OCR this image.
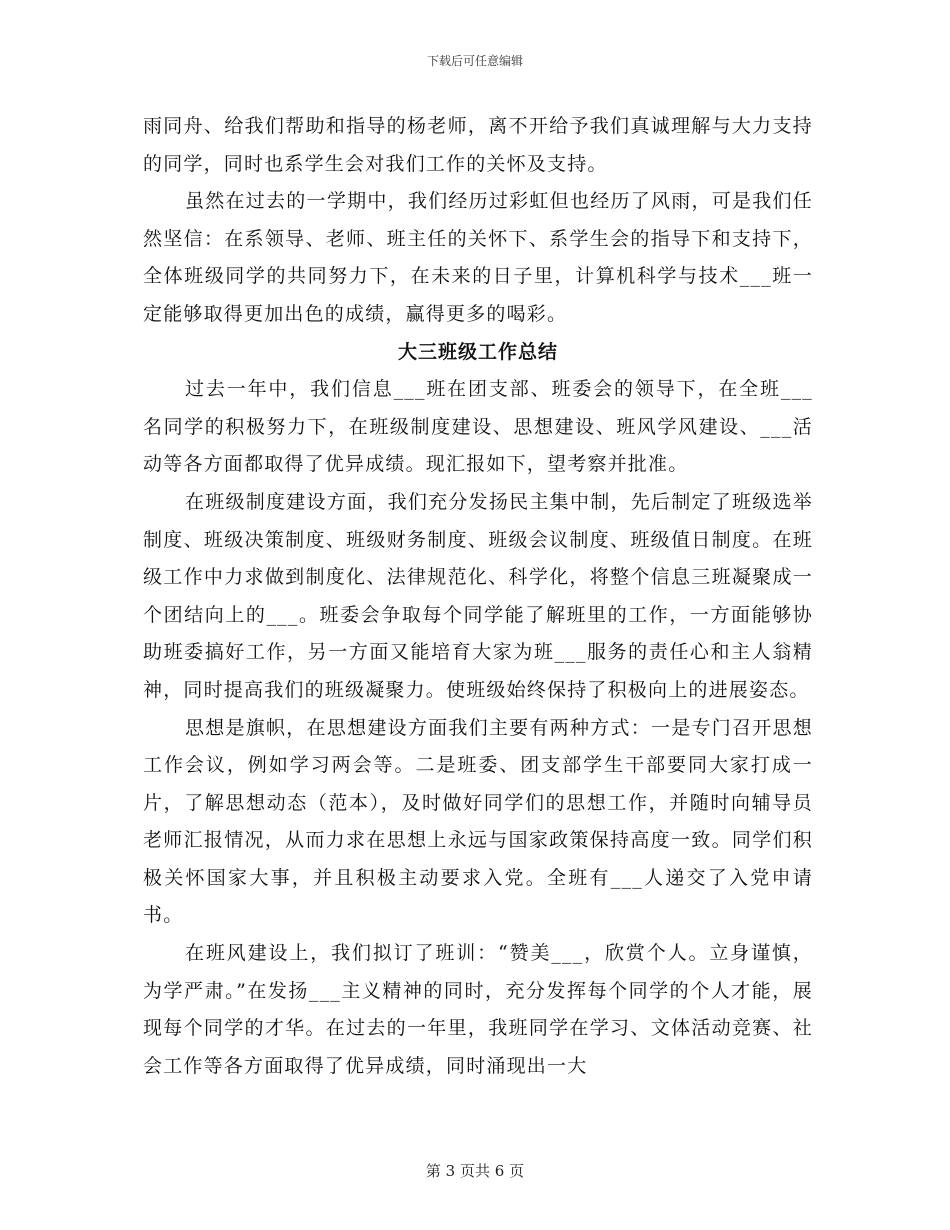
下载后可任意编辑

雨同舟、给我们帮助和指导的杨老师，离不开给予我们真诚理解与大力支持的同学，同时也系学生会对我们工作的关怀及支持。

虽然在过去的一学期中，我们经历过彩虹但也经历了风雨，可是我们任然坚信：在系领导、老师、班主任的关怀下、系学生会的指导下和支持下，全体班级同学的共同努力下，在未来的日子里，计算机科学与技术___班一定能够取得更加出色的成绩，赢得更多的喝彩。

大三班级工作总结

过去一年中，我们信息___班在团支部、班委会的领导下，在全班___名同学的积极努力下，在班级制度建设、思想建设、班风学风建设、___活动等各方面都取得了优异成绩。现汇报如下，望考察并批准。

在班级制度建设方面，我们充分发扬民主集中制，先后制定了班级选举制度、班级决策制度、班级财务制度、班级会议制度、班级值日制度。在班级工作中力求做到制度化、法律规范化、科学化，将整个信息三班凝聚成一个团结向上的___。班委会争取每个同学能了解班里的工作，一方面能够协助班委搞好工作，另一方面又能培育大家为班___服务的责任心和主人翁精神，同时提高我们的班级凝聚力。使班级始终保持了积极向上的进展姿态。

思想是旗帜，在思想建设方面我们主要有两种方式：一是专门召开思想工作会议，例如学习两会等。二是班委、团支部学生干部要同大家打成一片，了解思想动态（范本），及时做好同学们的思想工作，并随时向辅导员老师汇报情况，从而力求在思想上永远与国家政策保持高度一致。同学们积极关怀国家大事，并且积极主动要求入党。全班有___人递交了入党申请书。

在班风建设上，我们拟订了班训：“赞美___，欣赏个人。立身谨慎，为学严肃。”在发扬___主义精神的同时，充分发挥每个同学的个人才能，展现每个同学的才华。在过去的一年里，我班同学在学习、文体活动竞赛、社会工作等各方面取得了优异成绩，同时涌现出一大

第 3 页共 6 页
